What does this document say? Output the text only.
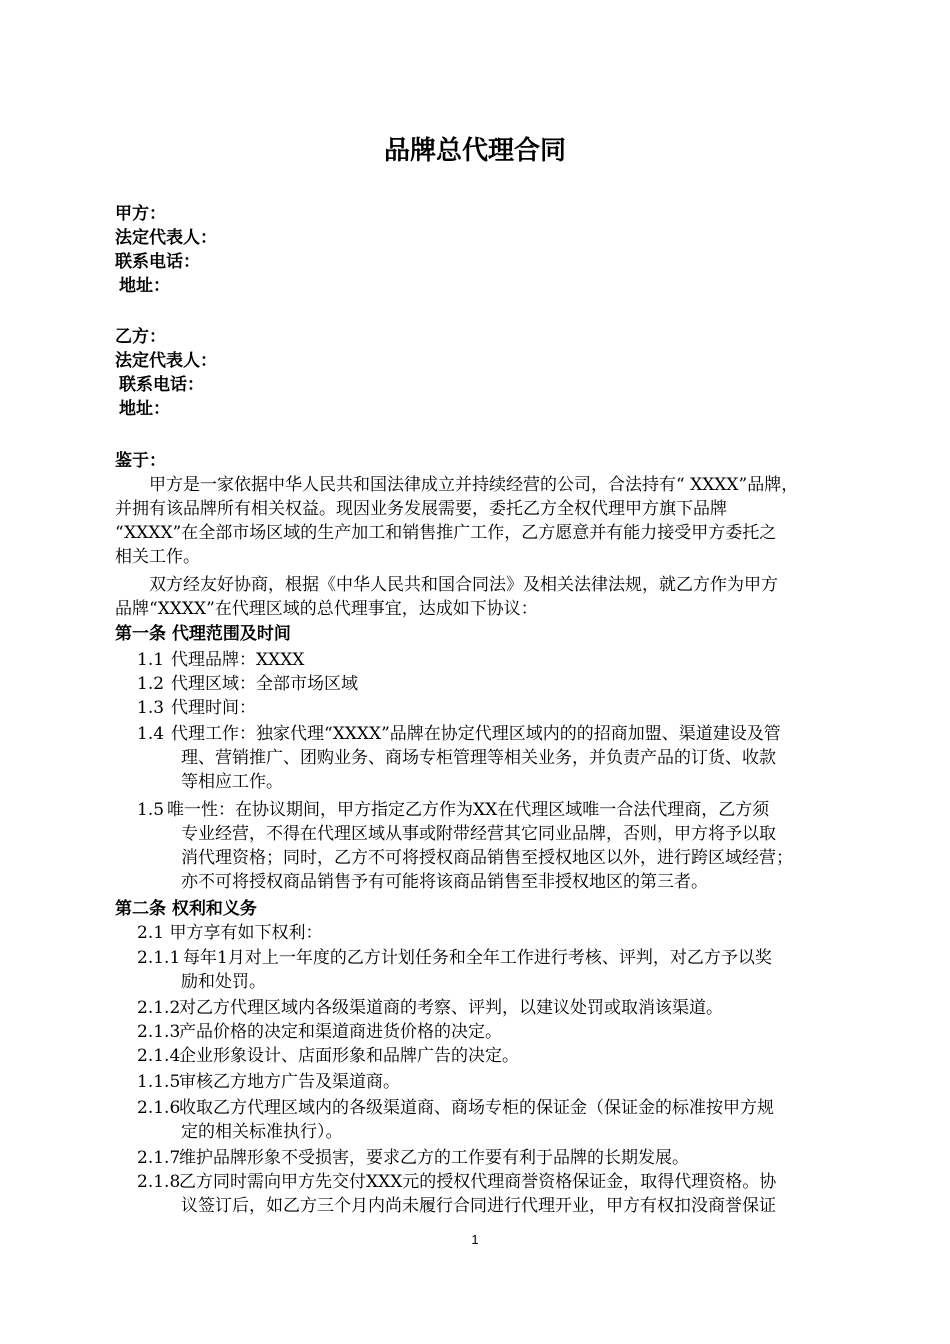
品牌总代理合同
甲方：
法定代表人：
联系电话：
地址：
乙方：
法定代表人：
联系电话：
地址：
鉴于：
甲方是一家依据中华人民共和国法律成立并持续经营的公司，合法持有“ XXXX”品牌，
并拥有该品牌所有相关权益。现因业务发展需要，委托乙方全权代理甲方旗下品牌
“XXXX”在全部市场区域的生产加工和销售推广工作，乙方愿意并有能力接受甲方委托之
相关工作。
双方经友好协商，根据《中华人民共和国合同法》及相关法律法规，就乙方作为甲方
品牌“XXXX”在代理区域的总代理事宜，达成如下协议：
第一条 代理范围及时间
1.1 代理品牌：XXXX
1.2 代理区域：全部市场区域
1.3 代理时间：
1.4 代理工作：独家代理“XXXX”品牌在协定代理区域内的的招商加盟、渠道建设及管
理、营销推广、团购业务、商场专柜管理等相关业务，并负责产品的订货、收款
等相应工作。
1.5 唯一性：在协议期间，甲方指定乙方作为XX在代理区域唯一合法代理商，乙方须
专业经营，不得在代理区域从事或附带经营其它同业品牌，否则，甲方将予以取
消代理资格；同时，乙方不可将授权商品销售至授权地区以外，进行跨区域经营；
亦不可将授权商品销售予有可能将该商品销售至非授权地区的第三者。
第二条 权利和义务
2.1 甲方享有如下权利：
2.1.1 每年1月对上一年度的乙方计划任务和全年工作进行考核、评判，对乙方予以奖
励和处罚。
2.1.2
对乙方代理区域内各级渠道商的考察、评判，以建议处罚或取消该渠道。
2.1.3
产品价格的决定和渠道商进货价格的决定。
2.1.4
企业形象设计、店面形象和品牌广告的决定。
1.1.5
审核乙方地方广告及渠道商。
2.1.6
收取乙方代理区域内的各级渠道商、商场专柜的保证金（保证金的标准按甲方规
定的相关标准执行）。
2.1.7
维护品牌形象不受损害，要求乙方的工作要有利于品牌的长期发展。
2.1.8
乙方同时需向甲方先交付XXX元的授权代理商誉资格保证金，取得代理资格。协
议签订后，如乙方三个月内尚未履行合同进行代理开业，甲方有权扣没商誉保证
1
